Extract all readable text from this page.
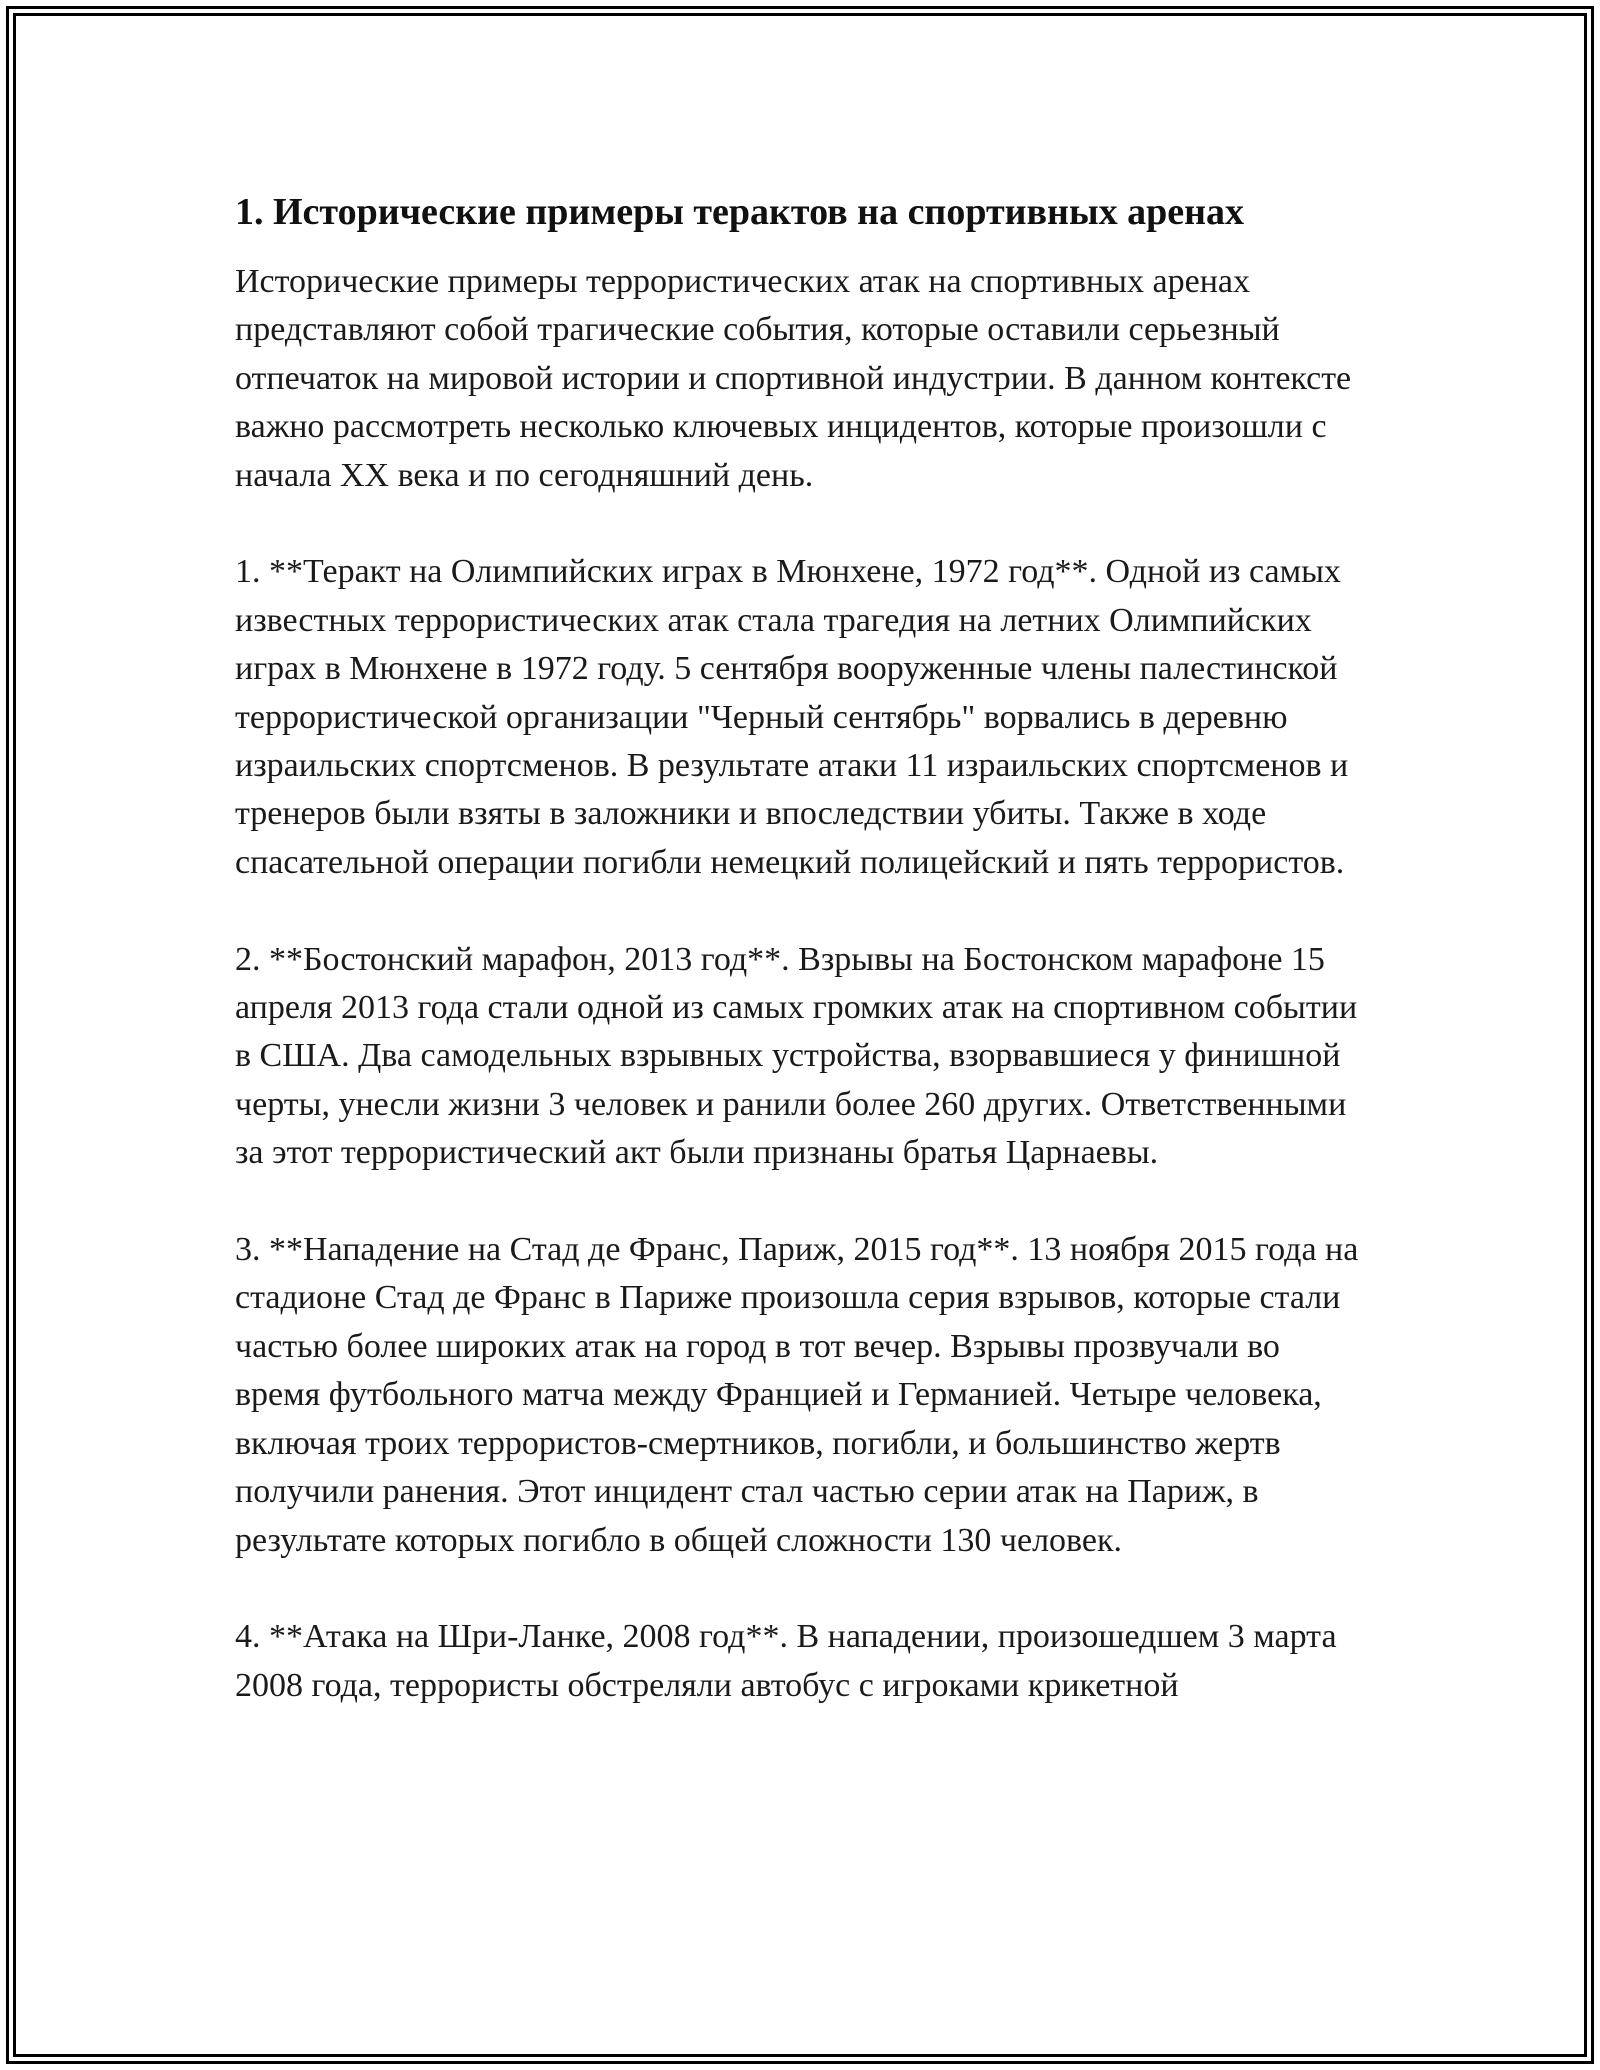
1. Исторические примеры терактов на спортивных аренах

Исторические примеры террористических атак на спортивных аренах представляют собой трагические события, которые оставили серьезный отпечаток на мировой истории и спортивной индустрии. В данном контексте важно рассмотреть несколько ключевых инцидентов, которые произошли с начала XX века и по сегодняшний день.

1. **Теракт на Олимпийских играх в Мюнхене, 1972 год**. Одной из самых известных террористических атак стала трагедия на летних Олимпийских играх в Мюнхене в 1972 году. 5 сентября вооруженные члены палестинской террористической организации "Черный сентябрь" ворвались в деревню израильских спортсменов. В результате атаки 11 израильских спортсменов и тренеров были взяты в заложники и впоследствии убиты. Также в ходе спасательной операции погибли немецкий полицейский и пять террористов.

2. **Бостонский марафон, 2013 год**. Взрывы на Бостонском марафоне 15 апреля 2013 года стали одной из самых громких атак на спортивном событии в США. Два самодельных взрывных устройства, взорвавшиеся у финишной черты, унесли жизни 3 человек и ранили более 260 других. Ответственными за этот террористический акт были признаны братья Царнаевы.

3. **Нападение на Стад де Франс, Париж, 2015 год**. 13 ноября 2015 года на стадионе Стад де Франс в Париже произошла серия взрывов, которые стали частью более широких атак на город в тот вечер. Взрывы прозвучали во время футбольного матча между Францией и Германией. Четыре человека, включая троих террористов-смертников, погибли, и большинство жертв получили ранения. Этот инцидент стал частью серии атак на Париж, в результате которых погибло в общей сложности 130 человек.

4. **Атака на Шри-Ланке, 2008 год**. В нападении, произошедшем 3 марта 2008 года, террористы обстреляли автобус с игроками крикетной
